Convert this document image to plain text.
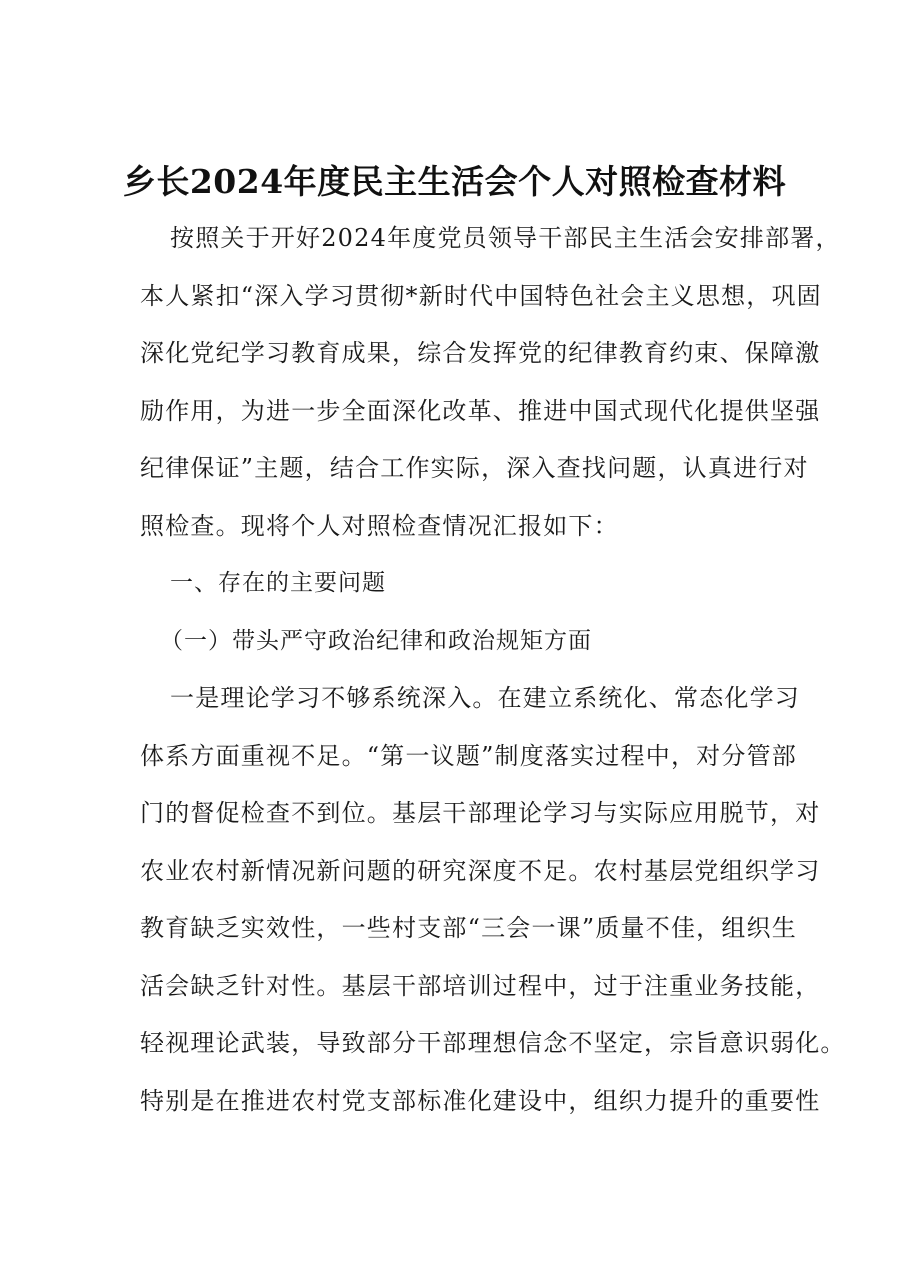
乡长2024年度民主生活会个人对照检查材料
按照关于开好2024年度党员领导干部民主生活会安排部署，
本人紧扣“深入学习贯彻*新时代中国特色社会主义思想，巩固
深化党纪学习教育成果，综合发挥党的纪律教育约束、保障激
励作用，为进一步全面深化改革、推进中国式现代化提供坚强
纪律保证”主题，结合工作实际，深入查找问题，认真进行对
照检查。现将个人对照检查情况汇报如下：
一、存在的主要问题
（一）带头严守政治纪律和政治规矩方面
一是理论学习不够系统深入。在建立系统化、常态化学习
体系方面重视不足。“第一议题”制度落实过程中，对分管部
门的督促检查不到位。基层干部理论学习与实际应用脱节，对
农业农村新情况新问题的研究深度不足。农村基层党组织学习
教育缺乏实效性，一些村支部“三会一课”质量不佳，组织生
活会缺乏针对性。基层干部培训过程中，过于注重业务技能，
轻视理论武装，导致部分干部理想信念不坚定，宗旨意识弱化。
特别是在推进农村党支部标准化建设中，组织力提升的重要性
